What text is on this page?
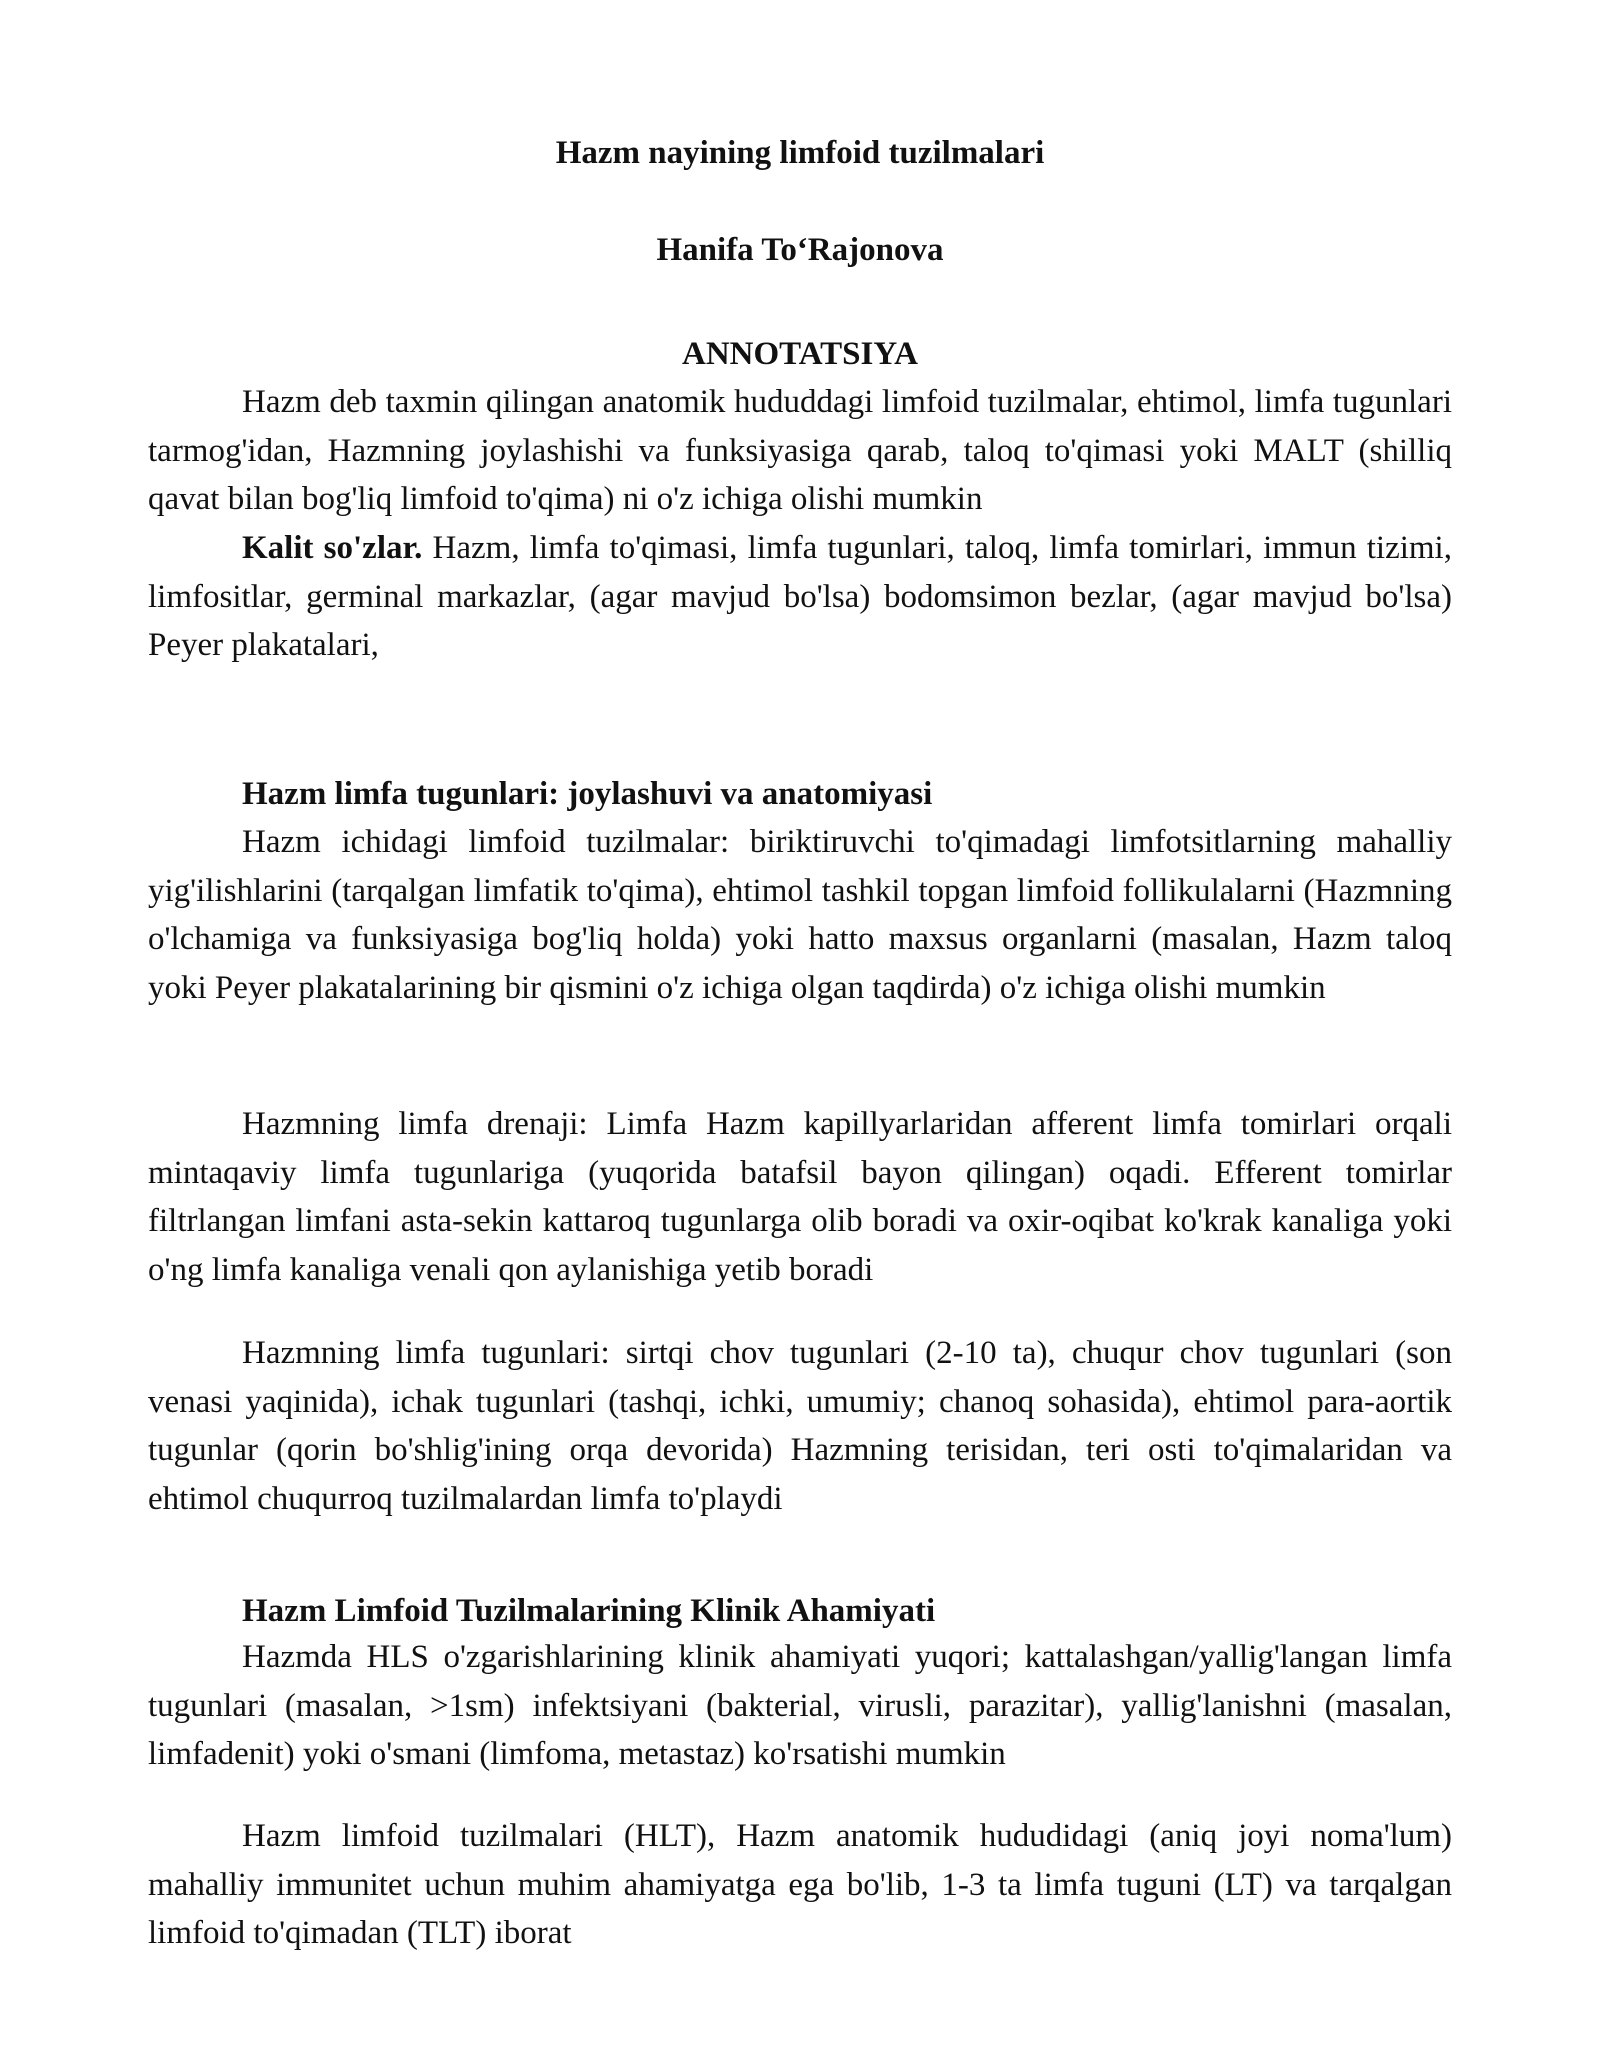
Hazm nayining limfoid tuzilmalari
Hanifa To‘Rajonova
ANNOTATSIYA

Hazm deb taxmin qilingan anatomik hududdagi limfoid tuzilmalar, ehtimol, limfa tugunlari tarmog'idan, Hazmning joylashishi va funksiyasiga qarab, taloq to'qimasi yoki MALT (shilliq qavat bilan bog'liq limfoid to'qima) ni o'z ichiga olishi mumkin

Kalit so'zlar. Hazm, limfa to'qimasi, limfa tugunlari, taloq, limfa tomirlari, immun tizimi, limfositlar, germinal markazlar, (agar mavjud bo'lsa) bodomsimon bezlar, (agar mavjud bo'lsa) Peyer plakatalari,

Hazm limfa tugunlari: joylashuvi va anatomiyasi

Hazm ichidagi limfoid tuzilmalar: biriktiruvchi to'qimadagi limfotsitlarning mahalliy yig'ilishlarini (tarqalgan limfatik to'qima), ehtimol tashkil topgan limfoid follikulalarni (Hazmning o'lchamiga va funksiyasiga bog'liq holda) yoki hatto maxsus organlarni (masalan, Hazm taloq yoki Peyer plakatalarining bir qismini o'z ichiga olgan taqdirda) o'z ichiga olishi mumkin

Hazmning limfa drenaji: Limfa Hazm kapillyarlaridan afferent limfa tomirlari orqali mintaqaviy limfa tugunlariga (yuqorida batafsil bayon qilingan) oqadi. Efferent tomirlar filtrlangan limfani asta-sekin kattaroq tugunlarga olib boradi va oxir-oqibat ko'krak kanaliga yoki o'ng limfa kanaliga venali qon aylanishiga yetib boradi

Hazmning limfa tugunlari: sirtqi chov tugunlari (2-10 ta), chuqur chov tugunlari (son venasi yaqinida), ichak tugunlari (tashqi, ichki, umumiy; chanoq sohasida), ehtimol para-aortik tugunlar (qorin bo'shlig'ining orqa devorida) Hazmning terisidan, teri osti to'qimalaridan va ehtimol chuqurroq tuzilmalardan limfa to'playdi

Hazm Limfoid Tuzilmalarining Klinik Ahamiyati

Hazmda HLS o'zgarishlarining klinik ahamiyati yuqori; kattalashgan/yallig'langan limfa tugunlari (masalan, >1sm) infektsiyani (bakterial, virusli, parazitar), yallig'lanishni (masalan, limfadenit) yoki o'smani (limfoma, metastaz) ko'rsatishi mumkin

Hazm limfoid tuzilmalari (HLT), Hazm anatomik hududidagi (aniq joyi noma'lum) mahalliy immunitet uchun muhim ahamiyatga ega bo'lib, 1-3 ta limfa tuguni (LT) va tarqalgan limfoid to'qimadan (TLT) iborat
